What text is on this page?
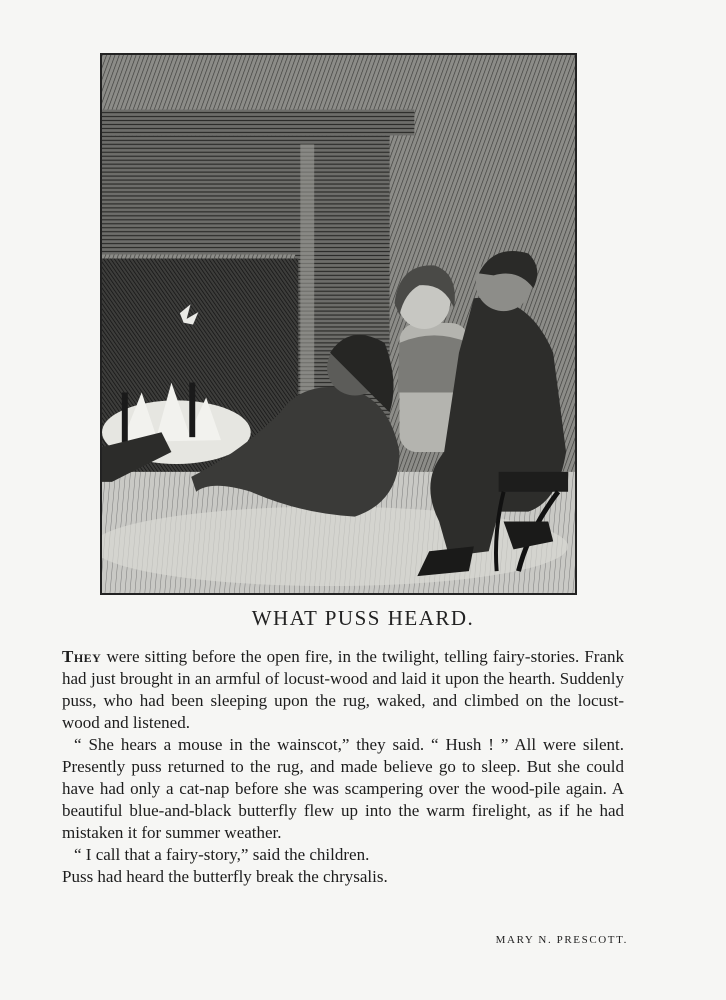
WHAT PUSS HEARD.

They were sitting before the open fire, in the twilight, telling fairy-stories. Frank had just brought in an armful of locust-wood and laid it upon the hearth. Suddenly puss, who had been sleeping upon the rug, waked, and climbed on the locust-wood and listened.

“ She hears a mouse in the wainscot,” they said. “ Hush ! ” All were silent. Presently puss returned to the rug, and made believe go to sleep. But she could have had only a cat-nap before she was scampering over the wood-pile again. A beautiful blue-and-black butterfly flew up into the warm firelight, as if he had mistaken it for summer weather.

“ I call that a fairy-story,” said the children.

Puss had heard the butterfly break the chrysalis.

MARY N. PRESCOTT.
